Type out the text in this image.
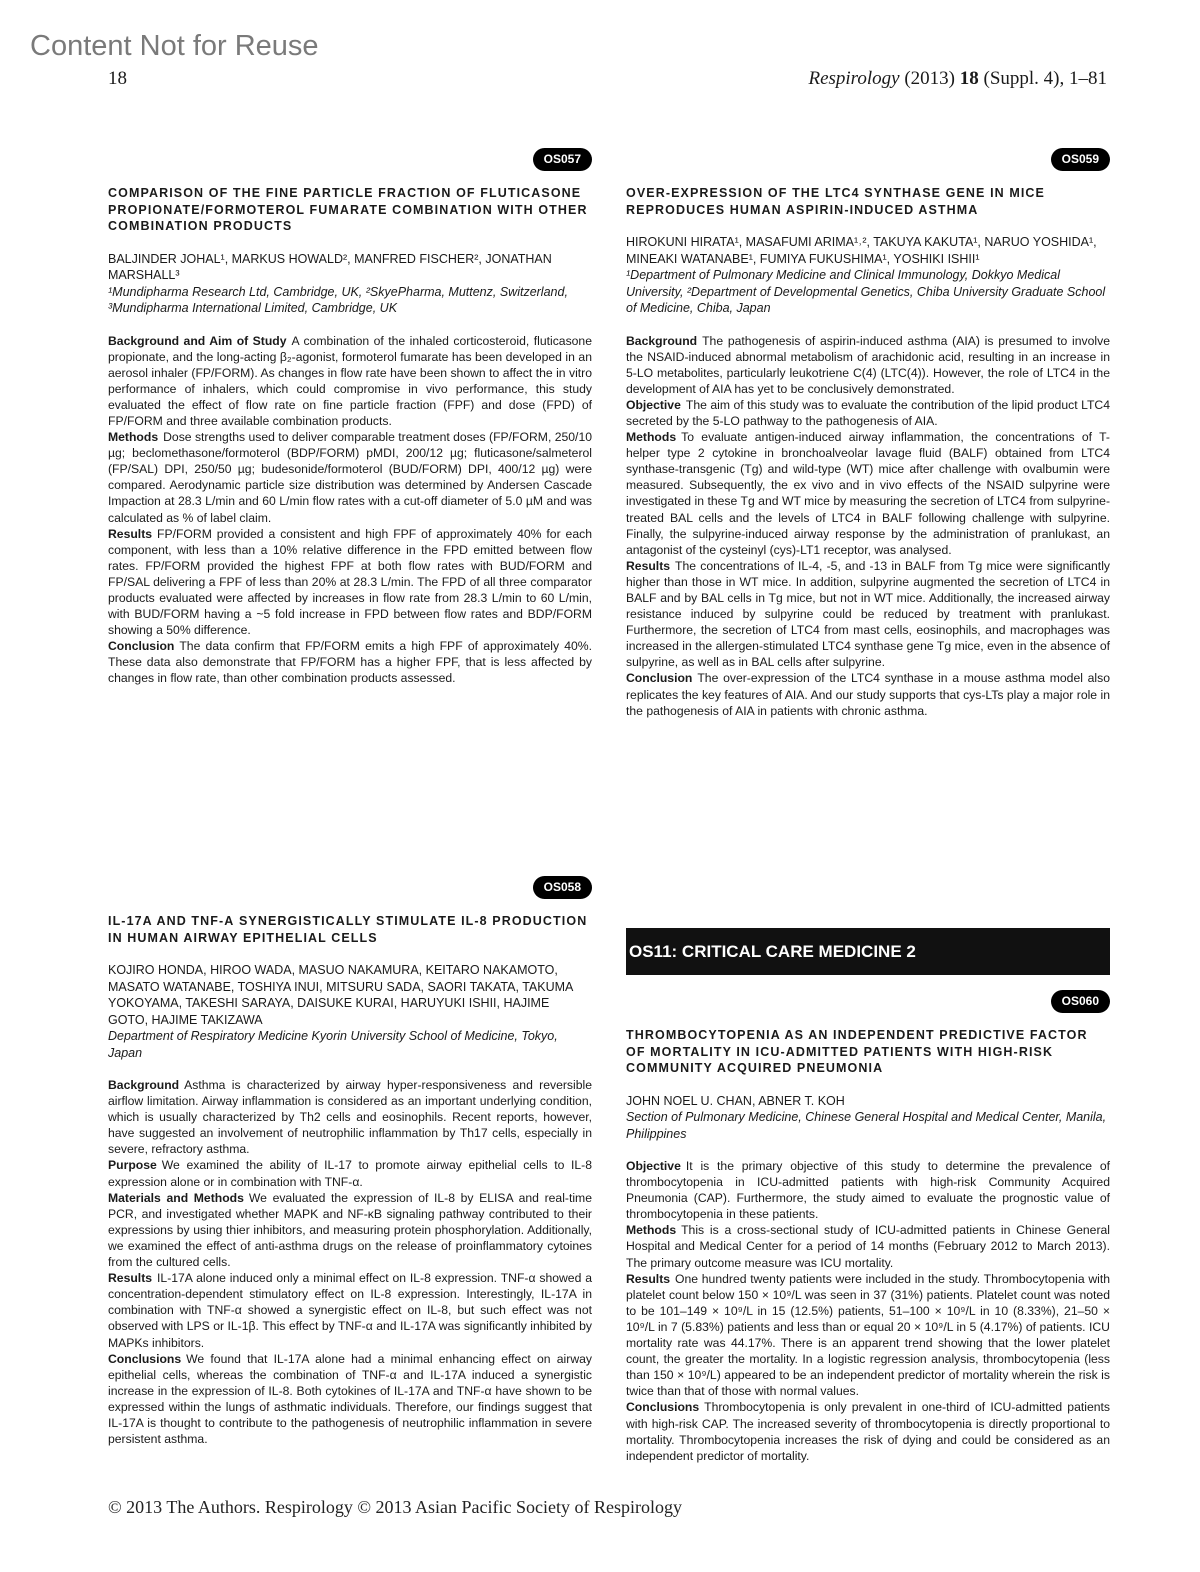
Content Not for Reuse
18	Respirology (2013) 18 (Suppl. 4), 1–81
OS057

COMPARISON OF THE FINE PARTICLE FRACTION OF FLUTICASONE PROPIONATE/FORMOTEROL FUMARATE COMBINATION WITH OTHER COMBINATION PRODUCTS

BALJINDER JOHAL¹, MARKUS HOWALD², MANFRED FISCHER², JONATHAN MARSHALL³

¹Mundipharma Research Ltd, Cambridge, UK, ²SkyePharma, Muttenz, Switzerland, ³Mundipharma International Limited, Cambridge, UK

Background and Aim of Study A combination of the inhaled corticosteroid, fluticasone propionate, and the long-acting β₂-agonist, formoterol fumarate has been developed in an aerosol inhaler (FP/FORM). As changes in flow rate have been shown to affect the in vitro performance of inhalers, which could compromise in vivo performance, this study evaluated the effect of flow rate on fine particle fraction (FPF) and dose (FPD) of FP/FORM and three available combination products.

Methods Dose strengths used to deliver comparable treatment doses (FP/FORM, 250/10 µg; beclomethasone/formoterol (BDP/FORM) pMDI, 200/12 µg; fluticasone/salmeterol (FP/SAL) DPI, 250/50 µg; budesonide/formoterol (BUD/FORM) DPI, 400/12 µg) were compared. Aerodynamic particle size distribution was determined by Andersen Cascade Impaction at 28.3 L/min and 60 L/min flow rates with a cut-off diameter of 5.0 µM and was calculated as % of label claim.

Results FP/FORM provided a consistent and high FPF of approximately 40% for each component, with less than a 10% relative difference in the FPD emitted between flow rates. FP/FORM provided the highest FPF at both flow rates with BUD/FORM and FP/SAL delivering a FPF of less than 20% at 28.3 L/min. The FPD of all three comparator products evaluated were affected by increases in flow rate from 28.3 L/min to 60 L/min, with BUD/FORM having a ~5 fold increase in FPD between flow rates and BDP/FORM showing a 50% difference.

Conclusion The data confirm that FP/FORM emits a high FPF of approximately 40%. These data also demonstrate that FP/FORM has a higher FPF, that is less affected by changes in flow rate, than other combination products assessed.

OS058

IL-17A AND TNF-Α SYNERGISTICALLY STIMULATE IL-8 PRODUCTION IN HUMAN AIRWAY EPITHELIAL CELLS

KOJIRO HONDA, HIROO WADA, MASUO NAKAMURA, KEITARO NAKAMOTO, MASATO WATANABE, TOSHIYA INUI, MITSURU SADA, SAORI TAKATA, TAKUMA YOKOYAMA, TAKESHI SARAYA, DAISUKE KURAI, HARUYUKI ISHII, HAJIME GOTO, HAJIME TAKIZAWA

Department of Respiratory Medicine Kyorin University School of Medicine, Tokyo, Japan

Background Asthma is characterized by airway hyper-responsiveness and reversible airflow limitation. Airway inflammation is considered as an important underlying condition, which is usually characterized by Th2 cells and eosinophils. Recent reports, however, have suggested an involvement of neutrophilic inflammation by Th17 cells, especially in severe, refractory asthma.

Purpose We examined the ability of IL-17 to promote airway epithelial cells to IL-8 expression alone or in combination with TNF-α.

Materials and Methods We evaluated the expression of IL-8 by ELISA and real-time PCR, and investigated whether MAPK and NF-κB signaling pathway contributed to their expressions by using thier inhibitors, and measuring protein phosphorylation. Additionally, we examined the effect of anti-asthma drugs on the release of proinflammatory cytoines from the cultured cells.

Results IL-17A alone induced only a minimal effect on IL-8 expression. TNF-α showed a concentration-dependent stimulatory effect on IL-8 expression. Interestingly, IL-17A in combination with TNF-α showed a synergistic effect on IL-8, but such effect was not observed with LPS or IL-1β. This effect by TNF-α and IL-17A was significantly inhibited by MAPKs inhibitors.

Conclusions We found that IL-17A alone had a minimal enhancing effect on airway epithelial cells, whereas the combination of TNF-α and IL-17A induced a synergistic increase in the expression of IL-8. Both cytokines of IL-17A and TNF-α have shown to be expressed within the lungs of asthmatic individuals. Therefore, our findings suggest that IL-17A is thought to contribute to the pathogenesis of neutrophilic inflammation in severe persistent asthma.

OS059

OVER-EXPRESSION OF THE LTC4 SYNTHASE GENE IN MICE REPRODUCES HUMAN ASPIRIN-INDUCED ASTHMA

HIROKUNI HIRATA¹, MASAFUMI ARIMA¹˒², TAKUYA KAKUTA¹, NARUO YOSHIDA¹, MINEAKI WATANABE¹, FUMIYA FUKUSHIMA¹, YOSHIKI ISHII¹

¹Department of Pulmonary Medicine and Clinical Immunology, Dokkyo Medical University, ²Department of Developmental Genetics, Chiba University Graduate School of Medicine, Chiba, Japan

Background The pathogenesis of aspirin-induced asthma (AIA) is presumed to involve the NSAID-induced abnormal metabolism of arachidonic acid, resulting in an increase in 5-LO metabolites, particularly leukotriene C(4) (LTC(4)). However, the role of LTC4 in the development of AIA has yet to be conclusively demonstrated.

Objective The aim of this study was to evaluate the contribution of the lipid product LTC4 secreted by the 5-LO pathway to the pathogenesis of AIA.

Methods To evaluate antigen-induced airway inflammation, the concentrations of T-helper type 2 cytokine in bronchoalveolar lavage fluid (BALF) obtained from LTC4 synthase-transgenic (Tg) and wild-type (WT) mice after challenge with ovalbumin were measured. Subsequently, the ex vivo and in vivo effects of the NSAID sulpyrine were investigated in these Tg and WT mice by measuring the secretion of LTC4 from sulpyrine-treated BAL cells and the levels of LTC4 in BALF following challenge with sulpyrine. Finally, the sulpyrine-induced airway response by the administration of pranlukast, an antagonist of the cysteinyl (cys)-LT1 receptor, was analysed.

Results The concentrations of IL-4, -5, and -13 in BALF from Tg mice were significantly higher than those in WT mice. In addition, sulpyrine augmented the secretion of LTC4 in BALF and by BAL cells in Tg mice, but not in WT mice. Additionally, the increased airway resistance induced by sulpyrine could be reduced by treatment with pranlukast. Furthermore, the secretion of LTC4 from mast cells, eosinophils, and macrophages was increased in the allergen-stimulated LTC4 synthase gene Tg mice, even in the absence of sulpyrine, as well as in BAL cells after sulpyrine.

Conclusion The over-expression of the LTC4 synthase in a mouse asthma model also replicates the key features of AIA. And our study supports that cys-LTs play a major role in the pathogenesis of AIA in patients with chronic asthma.

OS11: CRITICAL CARE MEDICINE 2
OS060

THROMBOCYTOPENIA AS AN INDEPENDENT PREDICTIVE FACTOR OF MORTALITY IN ICU-ADMITTED PATIENTS WITH HIGH-RISK COMMUNITY ACQUIRED PNEUMONIA

JOHN NOEL U. CHAN, ABNER T. KOH

Section of Pulmonary Medicine, Chinese General Hospital and Medical Center, Manila, Philippines

Objective It is the primary objective of this study to determine the prevalence of thrombocytopenia in ICU-admitted patients with high-risk Community Acquired Pneumonia (CAP). Furthermore, the study aimed to evaluate the prognostic value of thrombocytopenia in these patients.

Methods This is a cross-sectional study of ICU-admitted patients in Chinese General Hospital and Medical Center for a period of 14 months (February 2012 to March 2013). The primary outcome measure was ICU mortality.

Results One hundred twenty patients were included in the study. Thrombocytopenia with platelet count below 150 × 10⁹/L was seen in 37 (31%) patients. Platelet count was noted to be 101–149 × 10⁹/L in 15 (12.5%) patients, 51–100 × 10⁹/L in 10 (8.33%), 21–50 × 10⁹/L in 7 (5.83%) patients and less than or equal 20 × 10⁹/L in 5 (4.17%) of patients. ICU mortality rate was 44.17%. There is an apparent trend showing that the lower platelet count, the greater the mortality. In a logistic regression analysis, thrombocytopenia (less than 150 × 10⁹/L) appeared to be an independent predictor of mortality wherein the risk is twice than that of those with normal values.

Conclusions Thrombocytopenia is only prevalent in one-third of ICU-admitted patients with high-risk CAP. The increased severity of thrombocytopenia is directly proportional to mortality. Thrombocytopenia increases the risk of dying and could be considered as an independent predictor of mortality.

© 2013 The Authors. Respirology © 2013 Asian Pacific Society of Respirology
